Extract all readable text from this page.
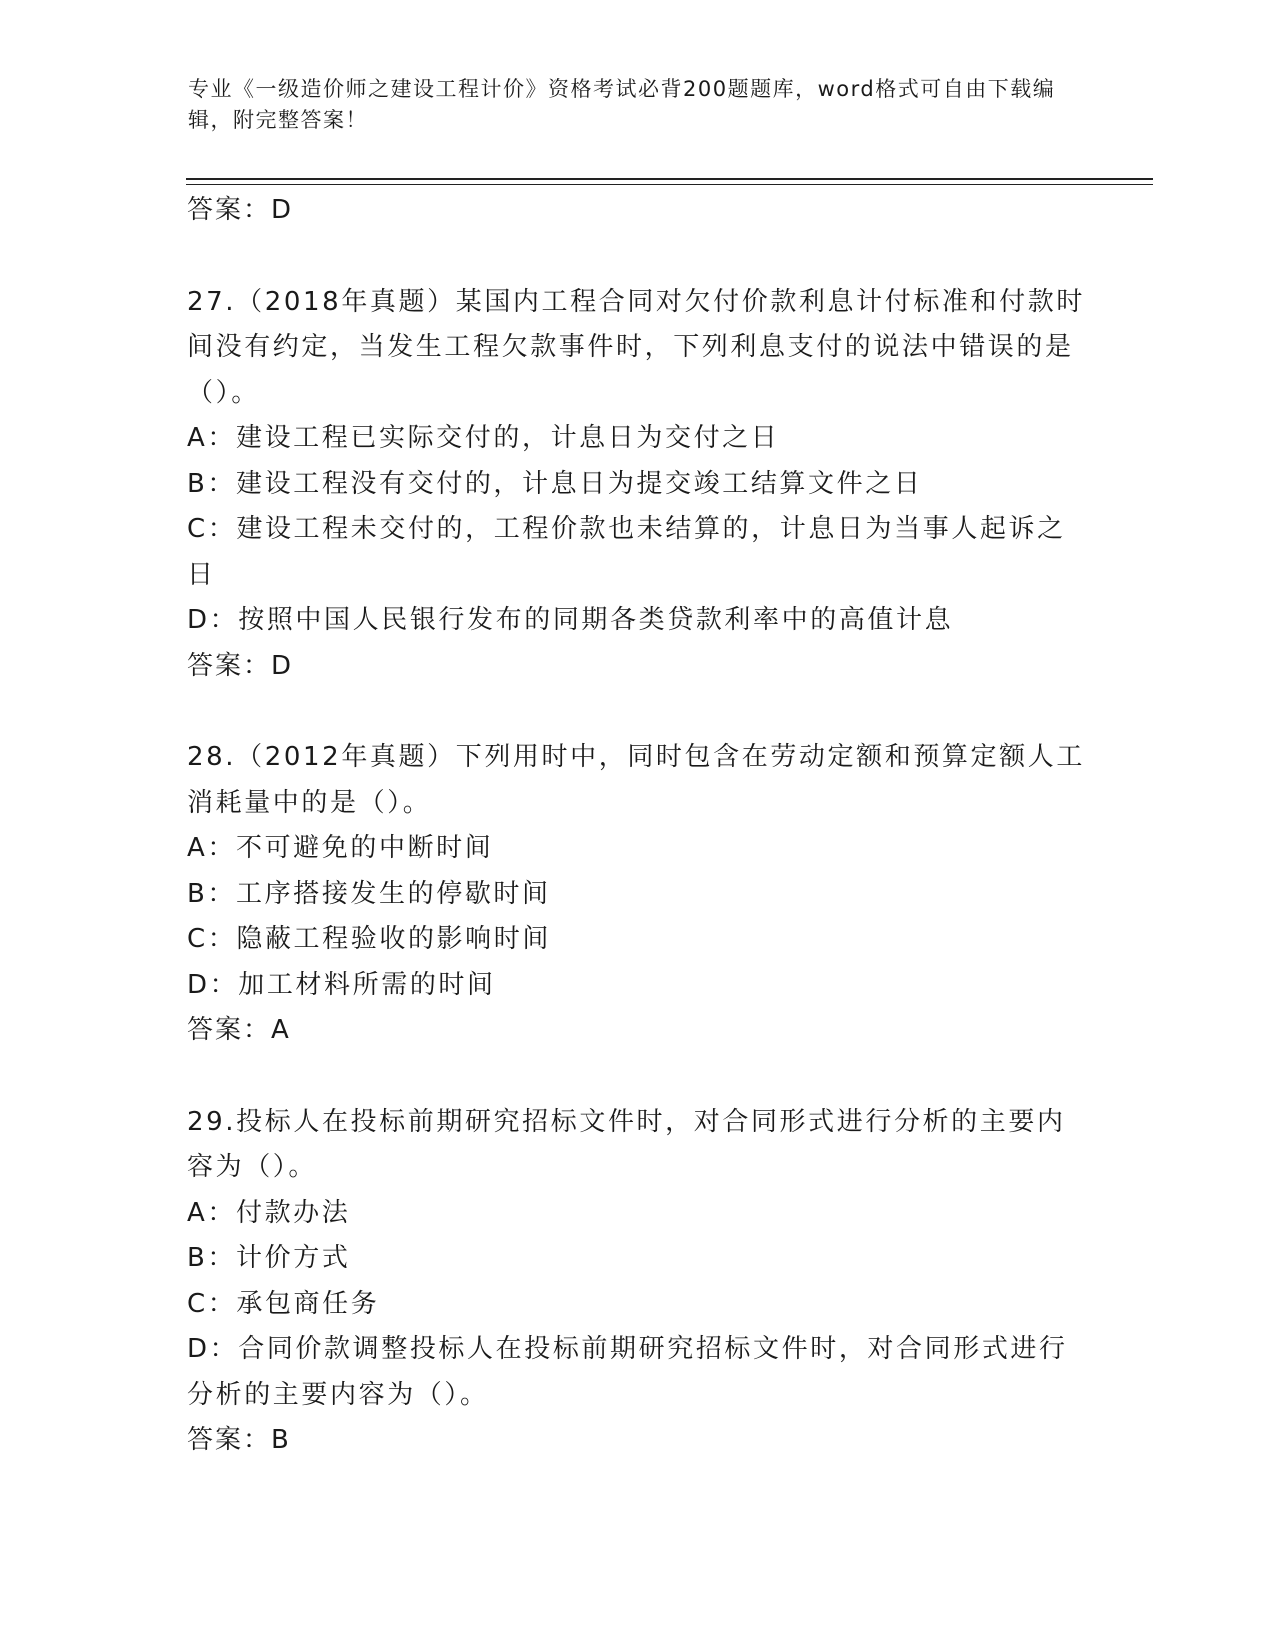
专业《一级造价师之建设工程计价》资格考试必背200题题库，word格式可自由下载编辑，附完整答案！

答案：D

27.（2018年真题）某国内工程合同对欠付价款利息计付标准和付款时间没有约定，当发生工程欠款事件时，下列利息支付的说法中错误的是（）。

A：建设工程已实际交付的，计息日为交付之日

B：建设工程没有交付的，计息日为提交竣工结算文件之日

C：建设工程未交付的，工程价款也未结算的，计息日为当事人起诉之日

D：按照中国人民银行发布的同期各类贷款利率中的高值计息

答案：D

28.（2012年真题）下列用时中，同时包含在劳动定额和预算定额人工消耗量中的是（）。

A：不可避免的中断时间

B：工序搭接发生的停歇时间

C：隐蔽工程验收的影响时间

D：加工材料所需的时间

答案：A

29.投标人在投标前期研究招标文件时，对合同形式进行分析的主要内容为（）。

A：付款办法

B：计价方式

C：承包商任务

D：合同价款调整投标人在投标前期研究招标文件时，对合同形式进行分析的主要内容为（）。

答案：B
